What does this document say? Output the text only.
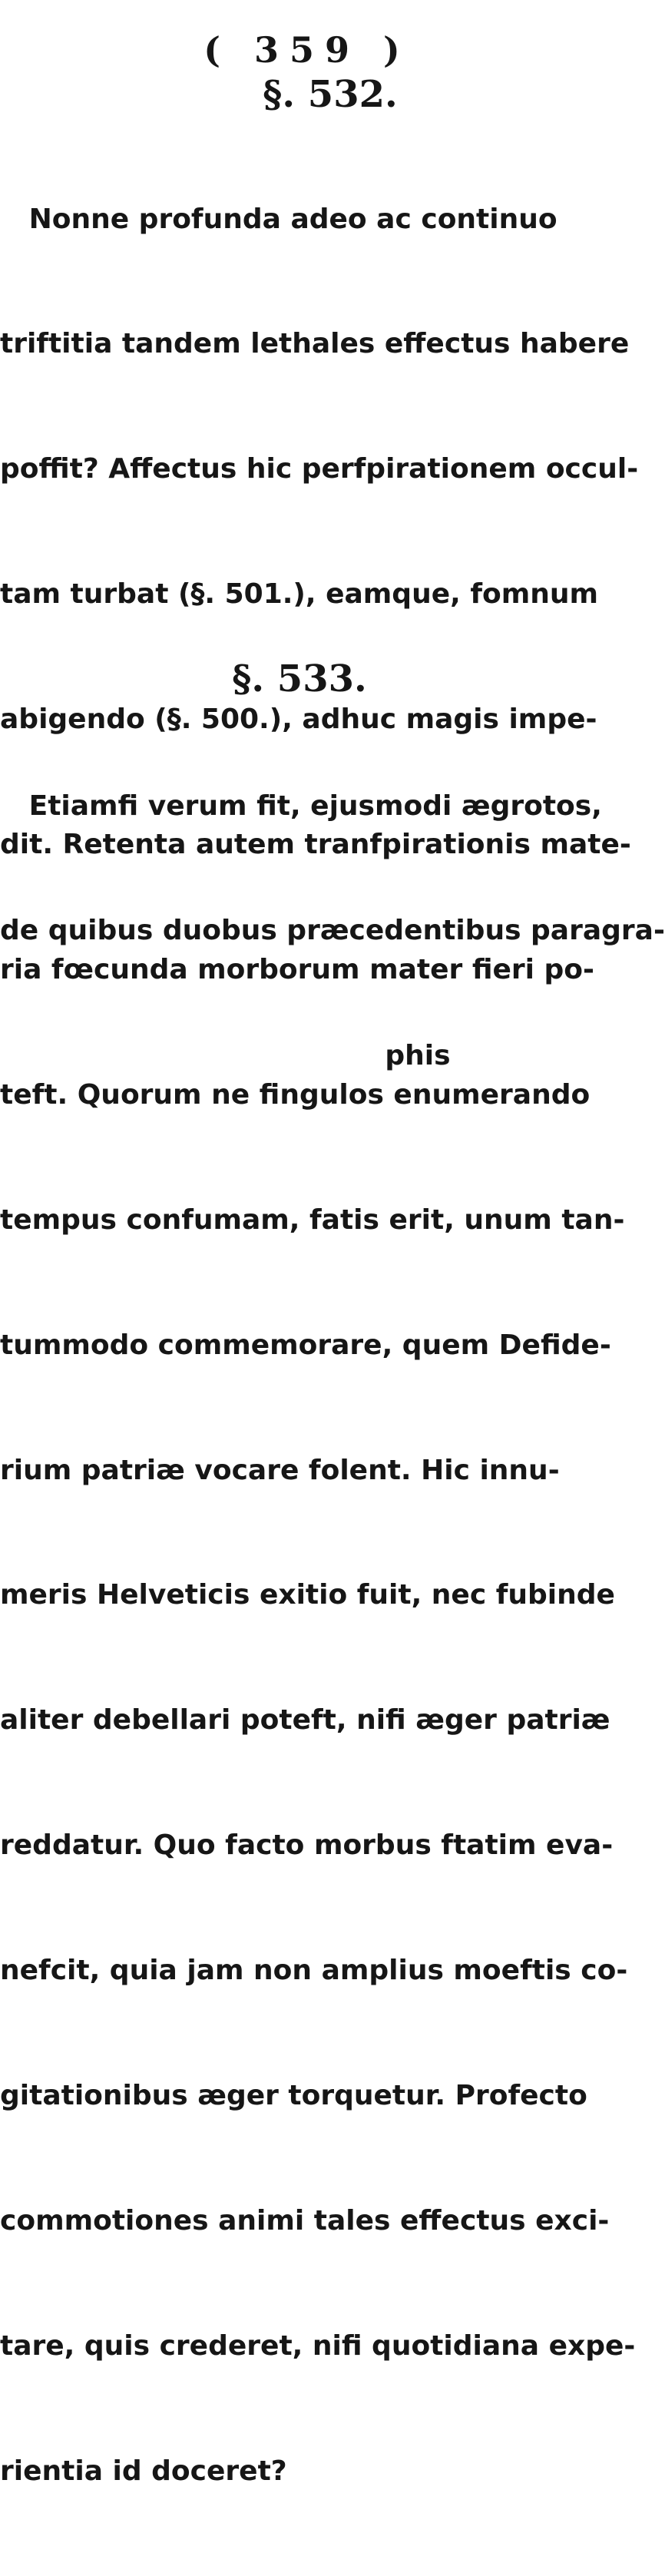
( 359 )
§. 532.

Nonne profunda adeo ac continuo

triftitia tandem lethales effectus habere

poffit? Affectus hic perfpirationem occul-

tam turbat (§. 501.), eamque, fomnum

abigendo (§. 500.), adhuc magis impe-

dit. Retenta autem tranfpirationis mate-

ria fœcunda morborum mater fieri po-

teft. Quorum ne fingulos enumerando

tempus confumam, fatis erit, unum tan-

tummodo commemorare, quem Defide-

rium patriæ vocare folent. Hic innu-

meris Helveticis exitio fuit, nec fubinde

aliter debellari poteft, nifi æger patriæ

reddatur. Quo facto morbus ftatim eva-

nefcit, quia jam non amplius moeftis co-

gitationibus æger torquetur. Profecto

commotiones animi tales effectus exci-

tare, quis crederet, nifi quotidiana expe-

rientia id doceret?

§. 533.

Etiamfi verum fit, ejusmodi ægrotos,

de quibus duobus præcedentibus paragra-

phis
